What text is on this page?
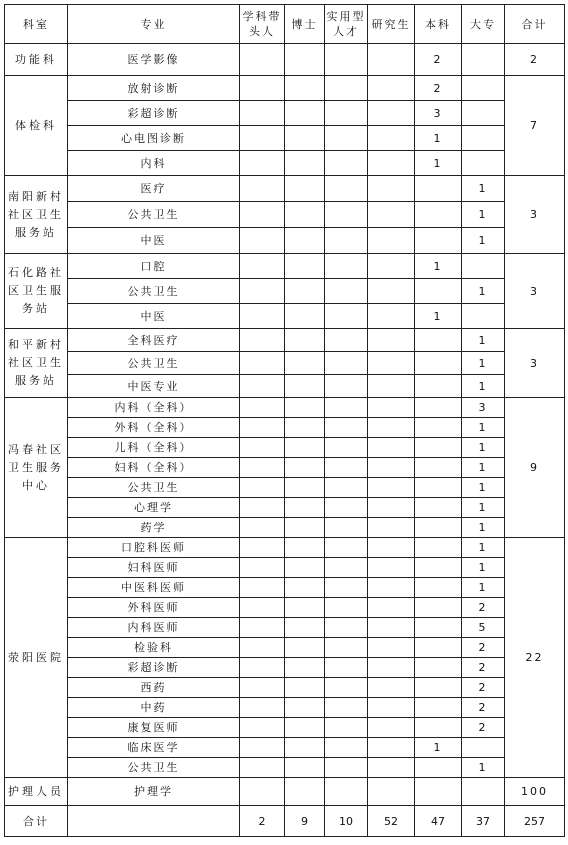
科室	专业	学科带头人	博士	实用型人才	研究生	本科	大专	合计
功能科	医学影像					2		2
体检科	放射诊断					2		7
	彩超诊断					3		
	心电图诊断					1		
	内科					1		
南阳新村社区卫生服务站	医疗						1	3
	公共卫生						1	
	中医						1	
石化路社区卫生服务站	口腔					1		3
	公共卫生						1	
	中医					1		
和平新村社区卫生服务站	全科医疗						1	3
	公共卫生						1	
	中医专业						1	
冯春社区卫生服务中心	内科（全科）						3	9
	外科（全科）						1	
	儿科（全科）						1	
	妇科（全科）						1	
	公共卫生						1	
	心理学						1	
	药学						1	
荥阳医院	口腔科医师						1	22
	妇科医师						1	
	中医科医师						1	
	外科医师						2	
	内科医师						5	
	检验科						2	
	彩超诊断						2	
	西药						2	
	中药						2	
	康复医师						2	
	临床医学					1		
	公共卫生						1	
护理人员	护理学							100
合计		2	9	10	52	47	37	257
